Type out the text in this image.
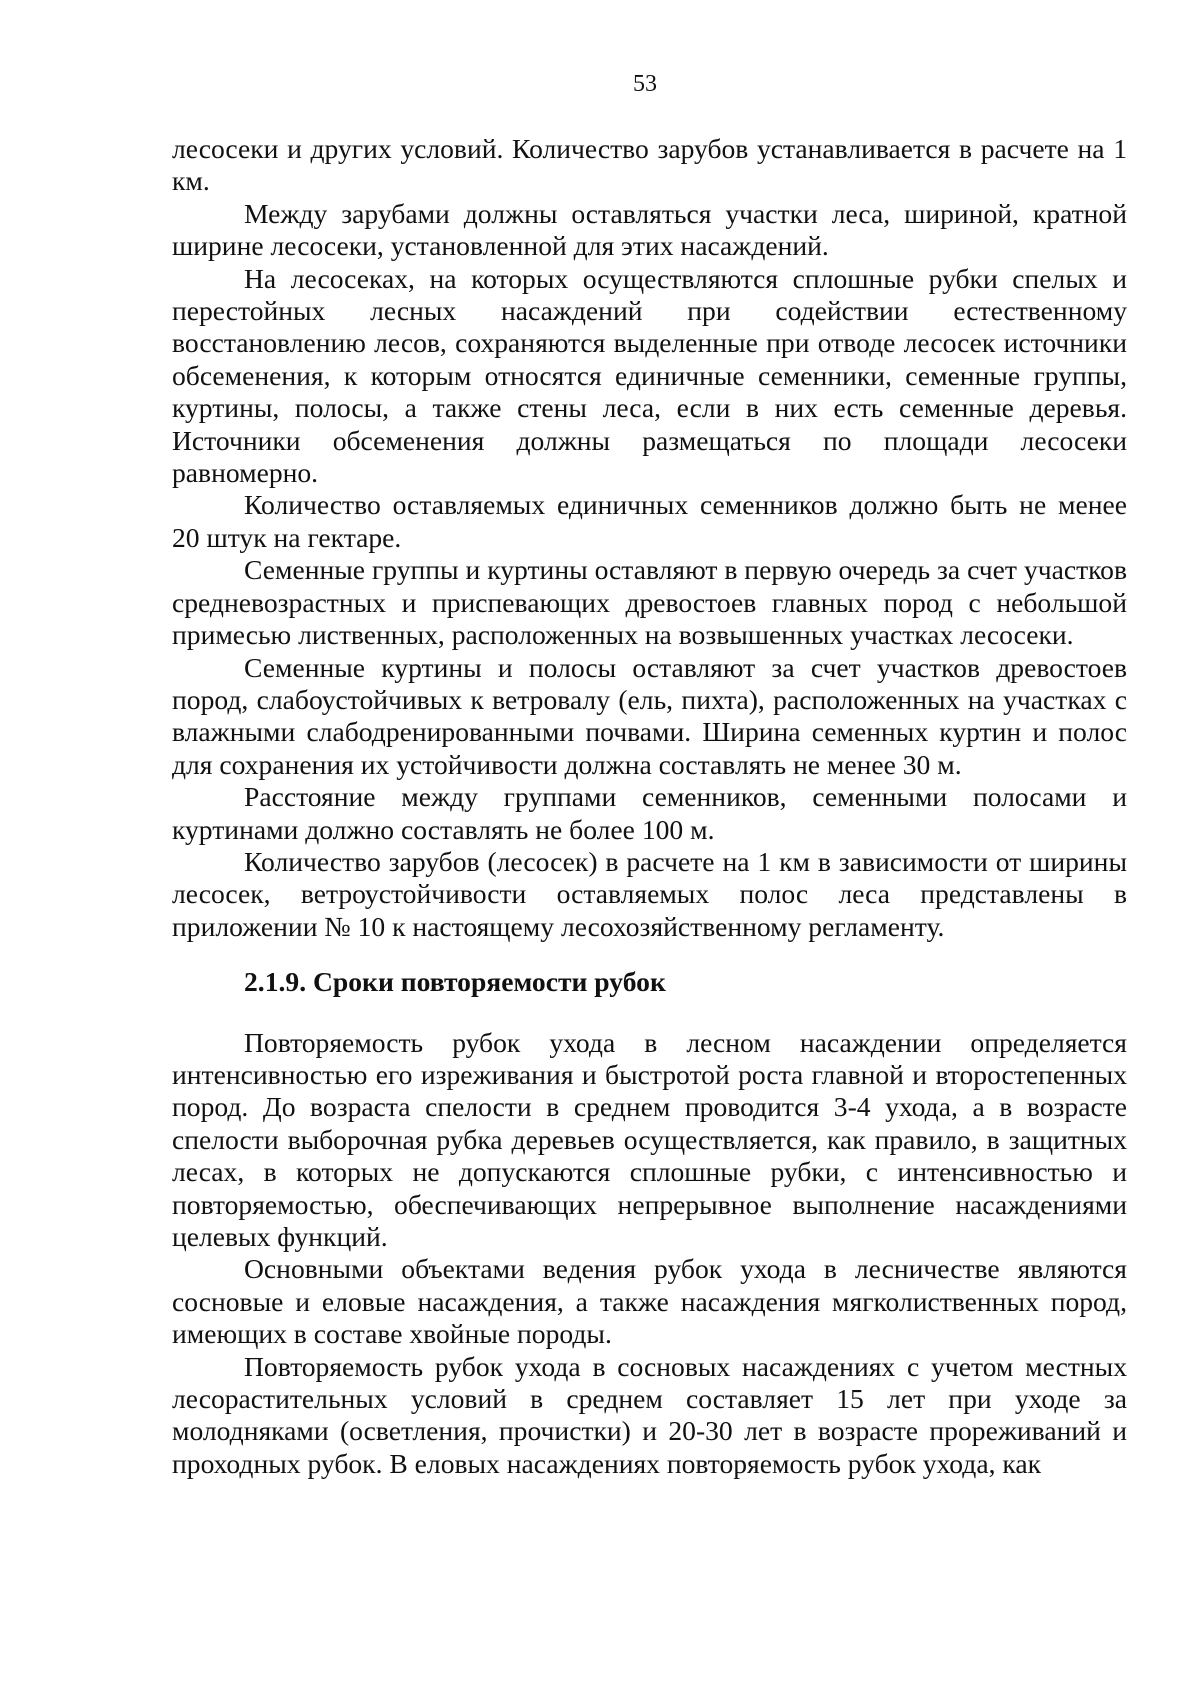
53

лесосеки и других условий. Количество зарубов устанавливается в расчете на 1 км.

Между зарубами должны оставляться участки леса, шириной, кратной ширине лесосеки, установленной для этих насаждений.

На лесосеках, на которых осуществляются сплошные рубки спелых и перестойных лесных насаждений при содействии естественному восстановлению лесов, сохраняются выделенные при отводе лесосек источники обсеменения, к которым относятся единичные семенники, семенные группы, куртины, полосы, а также стены леса, если в них есть семенные деревья. Источники обсеменения должны размещаться по площади лесосеки равномерно.

Количество оставляемых единичных семенников должно быть не менее 20 штук на гектаре.

Семенные группы и куртины оставляют в первую очередь за счет участков средневозрастных и приспевающих древостоев главных пород с небольшой примесью лиственных, расположенных на возвышенных участках лесосеки.

Семенные куртины и полосы оставляют за счет участков древостоев пород, слабоустойчивых к ветровалу (ель, пихта), расположенных на участках с влажными слабодренированными почвами. Ширина семенных куртин и полос для сохранения их устойчивости должна составлять не менее 30 м.

Расстояние между группами семенников, семенными полосами и куртинами должно составлять не более 100 м.

Количество зарубов (лесосек) в расчете на 1 км в зависимости от ширины лесосек, ветроустойчивости оставляемых полос леса представлены в приложении № 10 к настоящему лесохозяйственному регламенту.

2.1.9. Сроки повторяемости рубок

Повторяемость рубок ухода в лесном насаждении определяется интенсивностью его изреживания и быстротой роста главной и второстепенных пород. До возраста спелости в среднем проводится 3-4 ухода, а в возрасте спелости выборочная рубка деревьев осуществляется, как правило, в защитных лесах, в которых не допускаются сплошные рубки, с интенсивностью и повторяемостью, обеспечивающих непрерывное выполнение насаждениями целевых функций.

Основными объектами ведения рубок ухода в лесничестве являются сосновые и еловые насаждения, а также насаждения мягколиственных пород, имеющих в составе хвойные породы.

Повторяемость рубок ухода в сосновых насаждениях с учетом местных лесорастительных условий в среднем составляет 15 лет при уходе за молодняками (осветления, прочистки) и 20-30 лет в возрасте прореживаний и проходных рубок. В еловых насаждениях повторяемость рубок ухода, как
